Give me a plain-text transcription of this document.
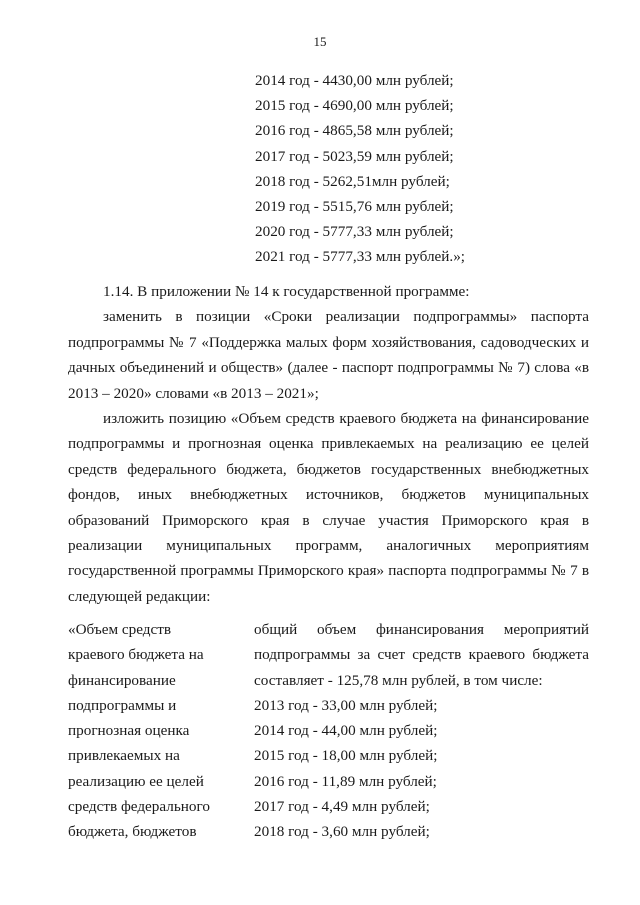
15
2014 год - 4430,00 млн рублей;
2015 год - 4690,00 млн рублей;
2016 год - 4865,58 млн рублей;
2017 год - 5023,59 млн рублей;
2018 год - 5262,51млн рублей;
2019 год - 5515,76 млн рублей;
2020 год - 5777,33 млн рублей;
2021 год - 5777,33 млн рублей.»;

1.14. В приложении № 14 к государственной программе:

заменить в позиции «Сроки реализации подпрограммы» паспорта

подпрограммы № 7 «Поддержка малых форм хозяйствования, садоводческих и дачных объединений и обществ» (далее - паспорт подпрограммы № 7) слова «в 2013 – 2020» словами «в 2013 – 2021»;

изложить позицию «Объем средств краевого бюджета на финансирование

подпрограммы и прогнозная оценка привлекаемых на реализацию ее целей средств федерального бюджета, бюджетов государственных внебюджетных фондов, иных внебюджетных источников, бюджетов муниципальных образований Приморского края в случае участия Приморского края в реализации муниципальных программ, аналогичных мероприятиям государственной программы Приморского края» паспорта подпрограммы № 7 в следующей редакции:

«Объем средств	общий объем финансирования мероприятий
краевого бюджета на	подпрограммы за счет средств краевого бюджета
финансирование	составляет - 125,78 млн рублей, в том числе:
подпрограммы и	2013 год - 33,00 млн рублей;
прогнозная оценка	2014 год - 44,00 млн рублей;
привлекаемых на	2015 год - 18,00 млн рублей;
реализацию ее целей	2016 год - 11,89 млн рублей;
средств федерального	2017 год - 4,49 млн рублей;
бюджета, бюджетов	2018 год - 3,60 млн рублей;
